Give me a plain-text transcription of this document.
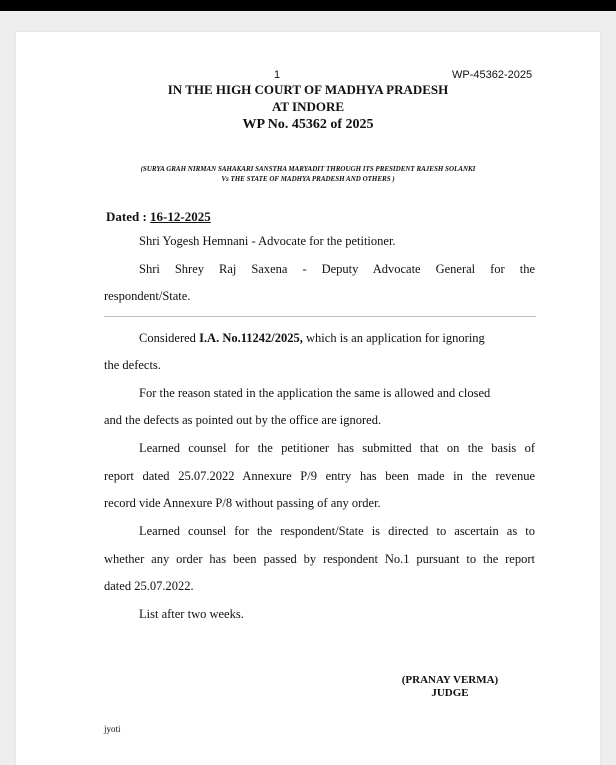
1	WP-45362-2025
IN THE HIGH COURT OF MADHYA PRADESH
AT INDORE
WP No. 45362 of 2025
(SURYA GRAH NIRMAN SAHAKARI SANSTHA MARYADIT THROUGH ITS PRESIDENT RAJESH SOLANKI
Vs THE STATE OF MADHYA PRADESH AND OTHERS )
Dated : 16-12-2025
Shri Yogesh Hemnani - Advocate for the petitioner.
Shri Shrey Raj Saxena - Deputy Advocate General for the
respondent/State.
Considered I.A. No.11242/2025, which is an application for ignoring
the defects.
For the reason stated in the application the same is allowed and closed
and the defects as pointed out by the office are ignored.
Learned counsel for the petitioner has submitted that on the basis of
report dated 25.07.2022 Annexure P/9 entry has been made in the revenue
record vide Annexure P/8 without passing of any order.
Learned counsel for the respondent/State is directed to ascertain as to
whether any order has been passed by respondent No.1 pursuant to the report
dated 25.07.2022.
List after two weeks.
(PRANAY VERMA)
JUDGE
jyoti
